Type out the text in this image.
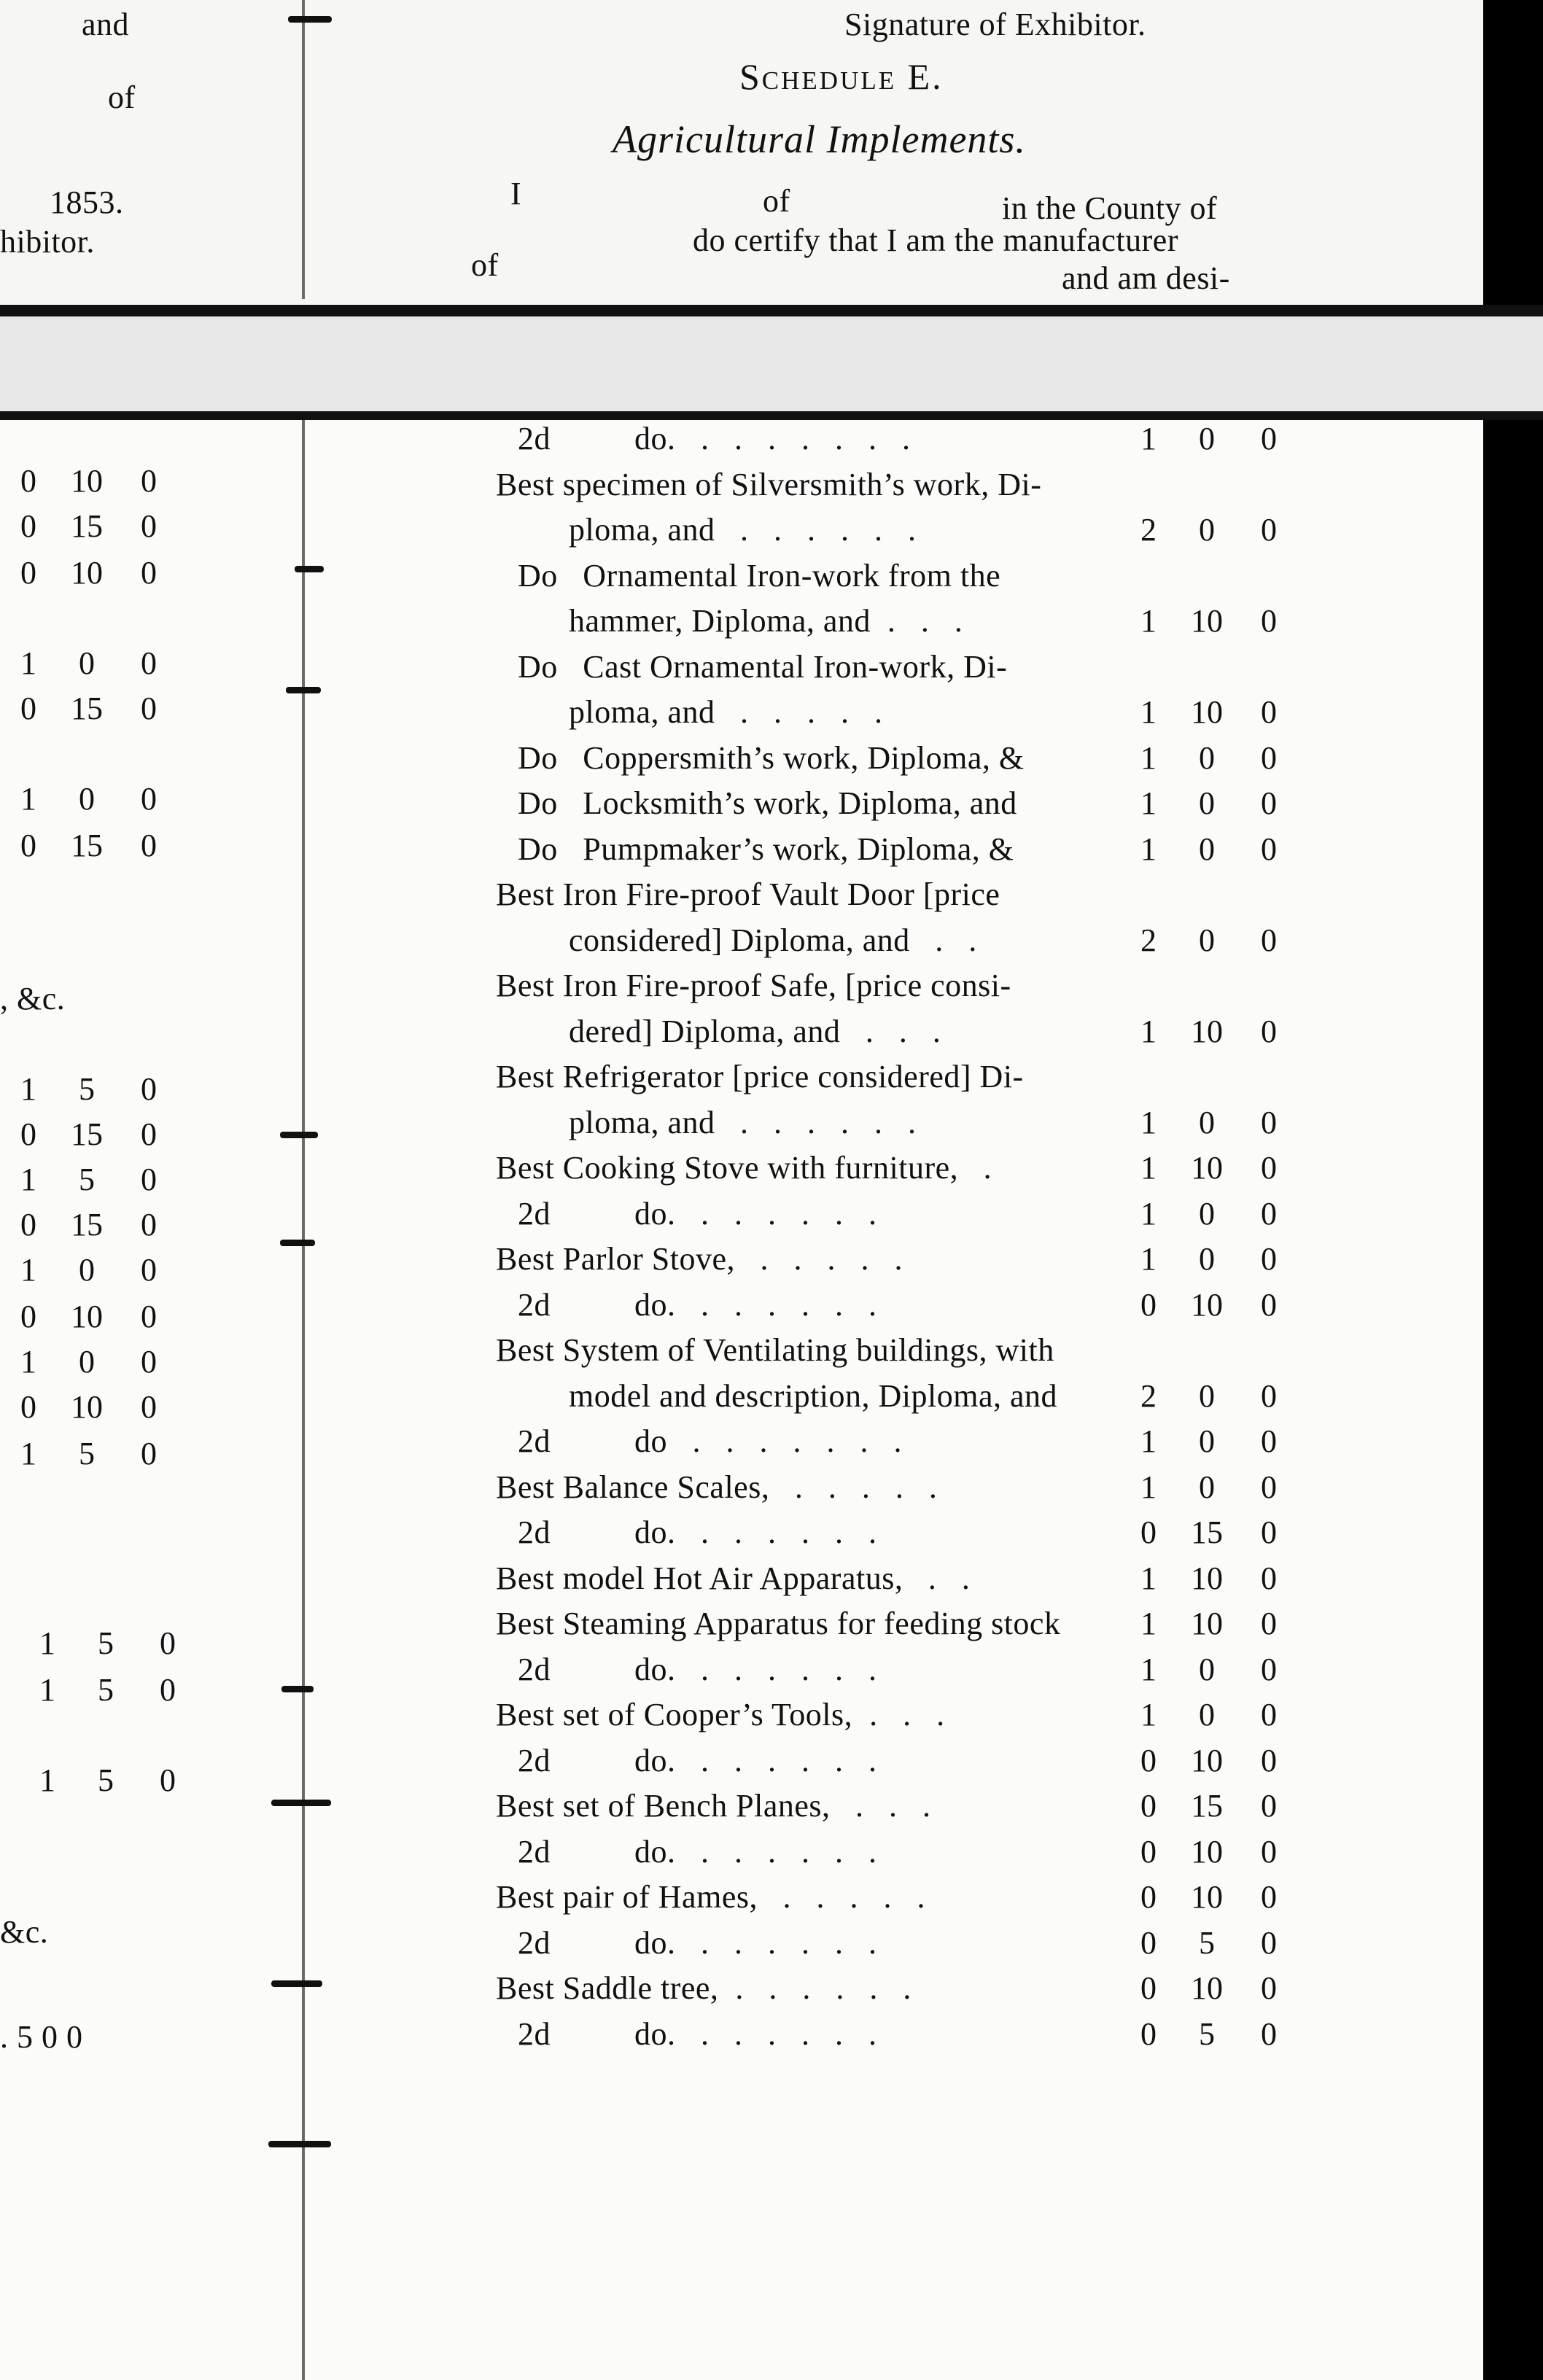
and
of
1853.
hibitor.
Signature of Exhibitor.
Schedule E.
Agricultural Implements.
I	of	in the County of
do certify that I am the manufacturer
of	and am desi-
0	10	0
0	15	0
0	10	0
1	0	0
0	15	0
1	0	0
0	15	0
1	5	0
0	15	0
1	5	0
0	15	0
1	0	0
0	10	0
1	0	0
0	10	0
1	5	0
1	5	0
1	5	0
1	5	0
, &c.
&c.
. 5 0 0
2d          do.   .   .   .   .   .   .   .	1	0	0
Best specimen of Silversmith’s work, Di-
ploma, and   .   .   .   .   .   .	2	0	0
Do   Ornamental Iron-work from the
hammer, Diploma, and  .   .   .	1	10	0
Do   Cast Ornamental Iron-work, Di-
ploma, and   .   .   .   .   .	1	10	0
Do   Coppersmith’s work, Diploma, &	1	0	0
Do   Locksmith’s work, Diploma, and	1	0	0
Do   Pumpmaker’s work, Diploma, &	1	0	0
Best Iron Fire-proof Vault Door [price
considered] Diploma, and   .   .	2	0	0
Best Iron Fire-proof Safe, [price consi-
dered] Diploma, and   .   .   .	1	10	0
Best Refrigerator [price considered] Di-
ploma, and   .   .   .   .   .   .	1	0	0
Best Cooking Stove with furniture,   .	1	10	0
2d          do.   .   .   .   .   .   .	1	0	0
Best Parlor Stove,   .   .   .   .   .	1	0	0
2d          do.   .   .   .   .   .   .	0	10	0
Best System of Ventilating buildings, with
model and description, Diploma, and	2	0	0
2d          do   .   .   .   .   .   .   .	1	0	0
Best Balance Scales,   .   .   .   .   .	1	0	0
2d          do.   .   .   .   .   .   .	0	15	0
Best model Hot Air Apparatus,   .   .	1	10	0
Best Steaming Apparatus for feeding stock	1	10	0
2d          do.   .   .   .   .   .   .	1	0	0
Best set of Cooper’s Tools,  .   .   .	1	0	0
2d          do.   .   .   .   .   .   .	0	10	0
Best set of Bench Planes,   .   .   .	0	15	0
2d          do.   .   .   .   .   .   .	0	10	0
Best pair of Hames,   .   .   .   .   .	0	10	0
2d          do.   .   .   .   .   .   .	0	5	0
Best Saddle tree,  .   .   .   .   .   .	0	10	0
2d          do.   .   .   .   .   .   .	0	5	0
